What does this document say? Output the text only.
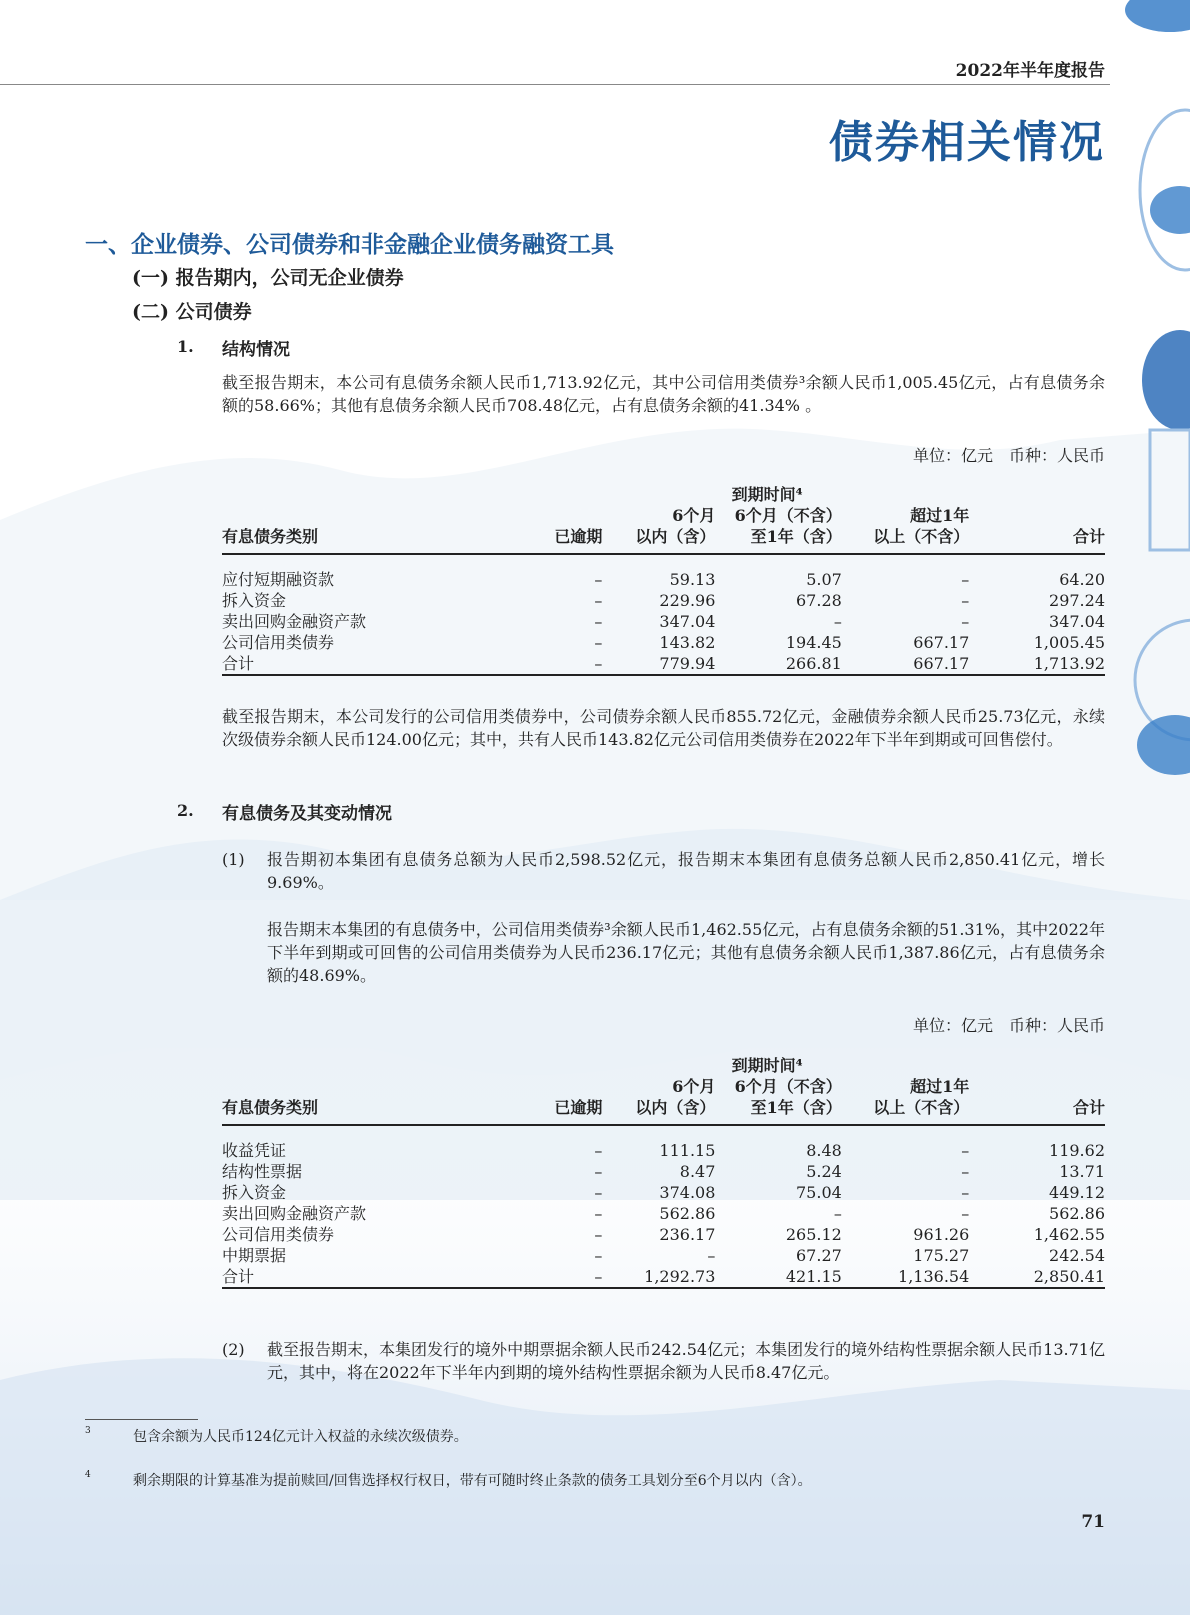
2022年半年度报告
债券相关情况
一、企业债券、公司债券和非金融企业债务融资工具
(一) 报告期内，公司无企业债券
(二) 公司债券
1. 结构情况
截至报告期末，本公司有息债务余额人民币1,713.92亿元，其中公司信用类债券³余额人民币1,005.45亿元，占有息债务余额的58.66%；其他有息债务余额人民币708.48亿元，占有息债务余额的41.34% 。
单位：亿元　币种：人民币
		到期时间⁴			
		6个月	6个月（不含）	超过1年	
有息债务类别	已逾期	以内（含）	至1年（含）	以上（不含）	合计
应付短期融资款	–	59.13	5.07	–	64.20
拆入资金	–	229.96	67.28	–	297.24
卖出回购金融资产款	–	347.04	–	–	347.04
公司信用类债券	–	143.82	194.45	667.17	1,005.45
合计	–	779.94	266.81	667.17	1,713.92
截至报告期末，本公司发行的公司信用类债券中，公司债券余额人民币855.72亿元，金融债券余额人民币25.73亿元，永续次级债券余额人民币124.00亿元；其中，共有人民币143.82亿元公司信用类债券在2022年下半年到期或可回售偿付。
2. 有息债务及其变动情况
(1) 报告期初本集团有息债务总额为人民币2,598.52亿元，报告期末本集团有息债务总额人民币2,850.41亿元，增长9.69%。
报告期末本集团的有息债务中，公司信用类债券³余额人民币1,462.55亿元，占有息债务余额的51.31%，其中2022年下半年到期或可回售的公司信用类债券为人民币236.17亿元；其他有息债务余额人民币1,387.86亿元，占有息债务余额的48.69%。
单位：亿元　币种：人民币
		到期时间⁴			
		6个月	6个月（不含）	超过1年	
有息债务类别	已逾期	以内（含）	至1年（含）	以上（不含）	合计
收益凭证	–	111.15	8.48	–	119.62
结构性票据	–	8.47	5.24	–	13.71
拆入资金	–	374.08	75.04	–	449.12
卖出回购金融资产款	–	562.86	–	–	562.86
公司信用类债券	–	236.17	265.12	961.26	1,462.55
中期票据	–	–	67.27	175.27	242.54
合计	–	1,292.73	421.15	1,136.54	2,850.41
(2) 截至报告期末，本集团发行的境外中期票据余额人民币242.54亿元；本集团发行的境外结构性票据余额人民币13.71亿元，其中，将在2022年下半年内到期的境外结构性票据余额为人民币8.47亿元。
3	包含余额为人民币124亿元计入权益的永续次级债券。
4	剩余期限的计算基准为提前赎回/回售选择权行权日，带有可随时终止条款的债务工具划分至6个月以内（含）。
71
